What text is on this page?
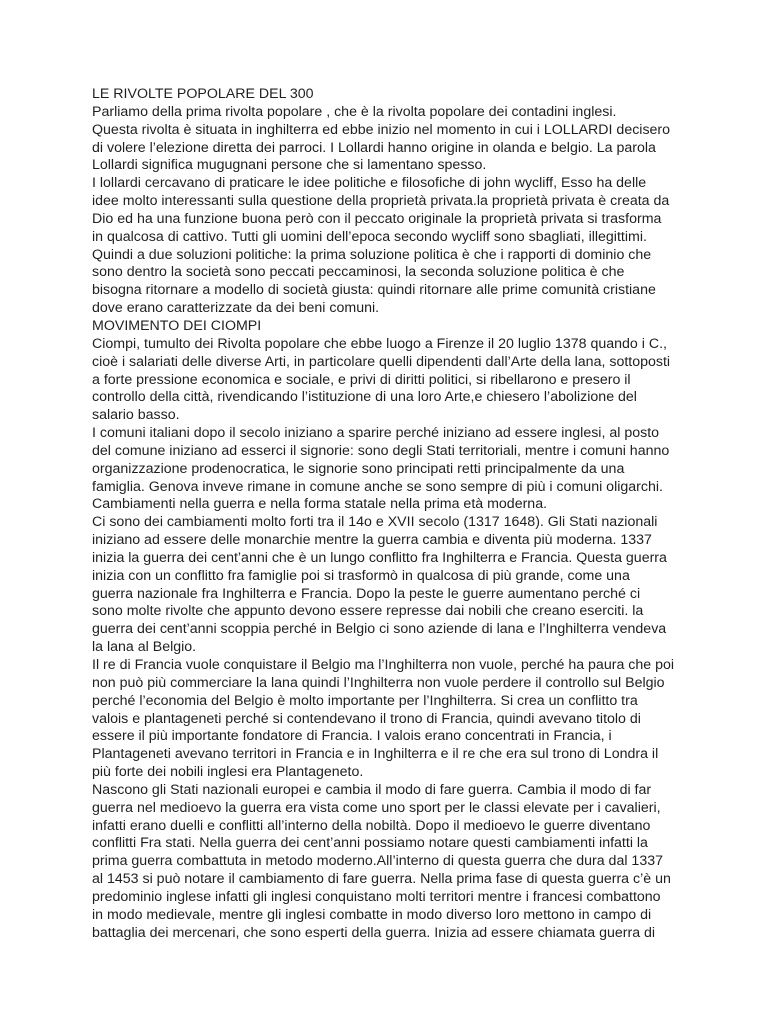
LE RIVOLTE POPOLARE DEL 300
Parliamo della prima rivolta popolare , che è la rivolta popolare dei contadini inglesi.
Questa rivolta è situata in inghilterra ed ebbe inizio nel momento in cui i LOLLARDI decisero
di volere l’elezione diretta dei parroci. I Lollardi hanno origine in olanda e belgio. La parola
Lollardi significa mugugnani persone che si lamentano spesso.
I lollardi cercavano di praticare le idee politiche e filosofiche di john wycliff, Esso ha delle
idee molto interessanti sulla questione della proprietà privata.la proprietà privata è creata da
Dio ed ha una funzione buona però con il peccato originale la proprietà privata si trasforma
in qualcosa di cattivo. Tutti gli uomini dell’epoca secondo wycliff sono sbagliati, illegittimi.
Quindi a due soluzioni politiche: la prima soluzione politica è che i rapporti di dominio che
sono dentro la società sono peccati peccaminosi, la seconda soluzione politica è che
bisogna ritornare a modello di società giusta: quindi ritornare alle prime comunità cristiane
dove erano caratterizzate da dei beni comuni.
MOVIMENTO DEI CIOMPI
Ciompi, tumulto dei Rivolta popolare che ebbe luogo a Firenze il 20 luglio 1378 quando i C.,
cioè i salariati delle diverse Arti, in particolare quelli dipendenti dall’Arte della lana, sottoposti
a forte pressione economica e sociale, e privi di diritti politici, si ribellarono e presero il
controllo della città, rivendicando l’istituzione di una loro Arte,e chiesero l’abolizione del
salario basso.
I comuni italiani dopo il secolo iniziano a sparire perché iniziano ad essere inglesi, al posto
del comune iniziano ad esserci il signorie: sono degli Stati territoriali, mentre i comuni hanno
organizzazione prodenocratica, le signorie sono principati retti principalmente da una
famiglia. Genova inveve rimane in comune anche se sono sempre di più i comuni oligarchi.
Cambiamenti nella guerra e nella forma statale nella prima età moderna.
Ci sono dei cambiamenti molto forti tra il 14o e XVII secolo (1317 1648). Gli Stati nazionali
iniziano ad essere delle monarchie mentre la guerra cambia e diventa più moderna. 1337
inizia la guerra dei cent’anni che è un lungo conflitto fra Inghilterra e Francia. Questa guerra
inizia con un conflitto fra famiglie poi si trasformò in qualcosa di più grande, come una
guerra nazionale fra Inghilterra e Francia. Dopo la peste le guerre aumentano perché ci
sono molte rivolte che appunto devono essere represse dai nobili che creano eserciti. la
guerra dei cent’anni scoppia perché in Belgio ci sono aziende di lana e l’Inghilterra vendeva
la lana al Belgio.
Il re di Francia vuole conquistare il Belgio ma l’Inghilterra non vuole, perché ha paura che poi
non può più commerciare la lana quindi l’Inghilterra non vuole perdere il controllo sul Belgio
perché l’economia del Belgio è molto importante per l’Inghilterra. Si crea un conflitto tra
valois e plantageneti perché si contendevano il trono di Francia, quindi avevano titolo di
essere il più importante fondatore di Francia. I valois erano concentrati in Francia, i
Plantageneti avevano territori in Francia e in Inghilterra e il re che era sul trono di Londra il
più forte dei nobili inglesi era Plantageneto.
Nascono gli Stati nazionali europei e cambia il modo di fare guerra. Cambia il modo di far
guerra nel medioevo la guerra era vista come uno sport per le classi elevate per i cavalieri,
infatti erano duelli e conflitti all’interno della nobiltà. Dopo il medioevo le guerre diventano
conflitti Fra stati. Nella guerra dei cent’anni possiamo notare questi cambiamenti infatti la
prima guerra combattuta in metodo moderno.All’interno di questa guerra che dura dal 1337
al 1453 si può notare il cambiamento di fare guerra. Nella prima fase di questa guerra c’è un
predominio inglese infatti gli inglesi conquistano molti territori mentre i francesi combattono
in modo medievale, mentre gli inglesi combatte in modo diverso loro mettono in campo di
battaglia dei mercenari, che sono esperti della guerra. Inizia ad essere chiamata guerra di
